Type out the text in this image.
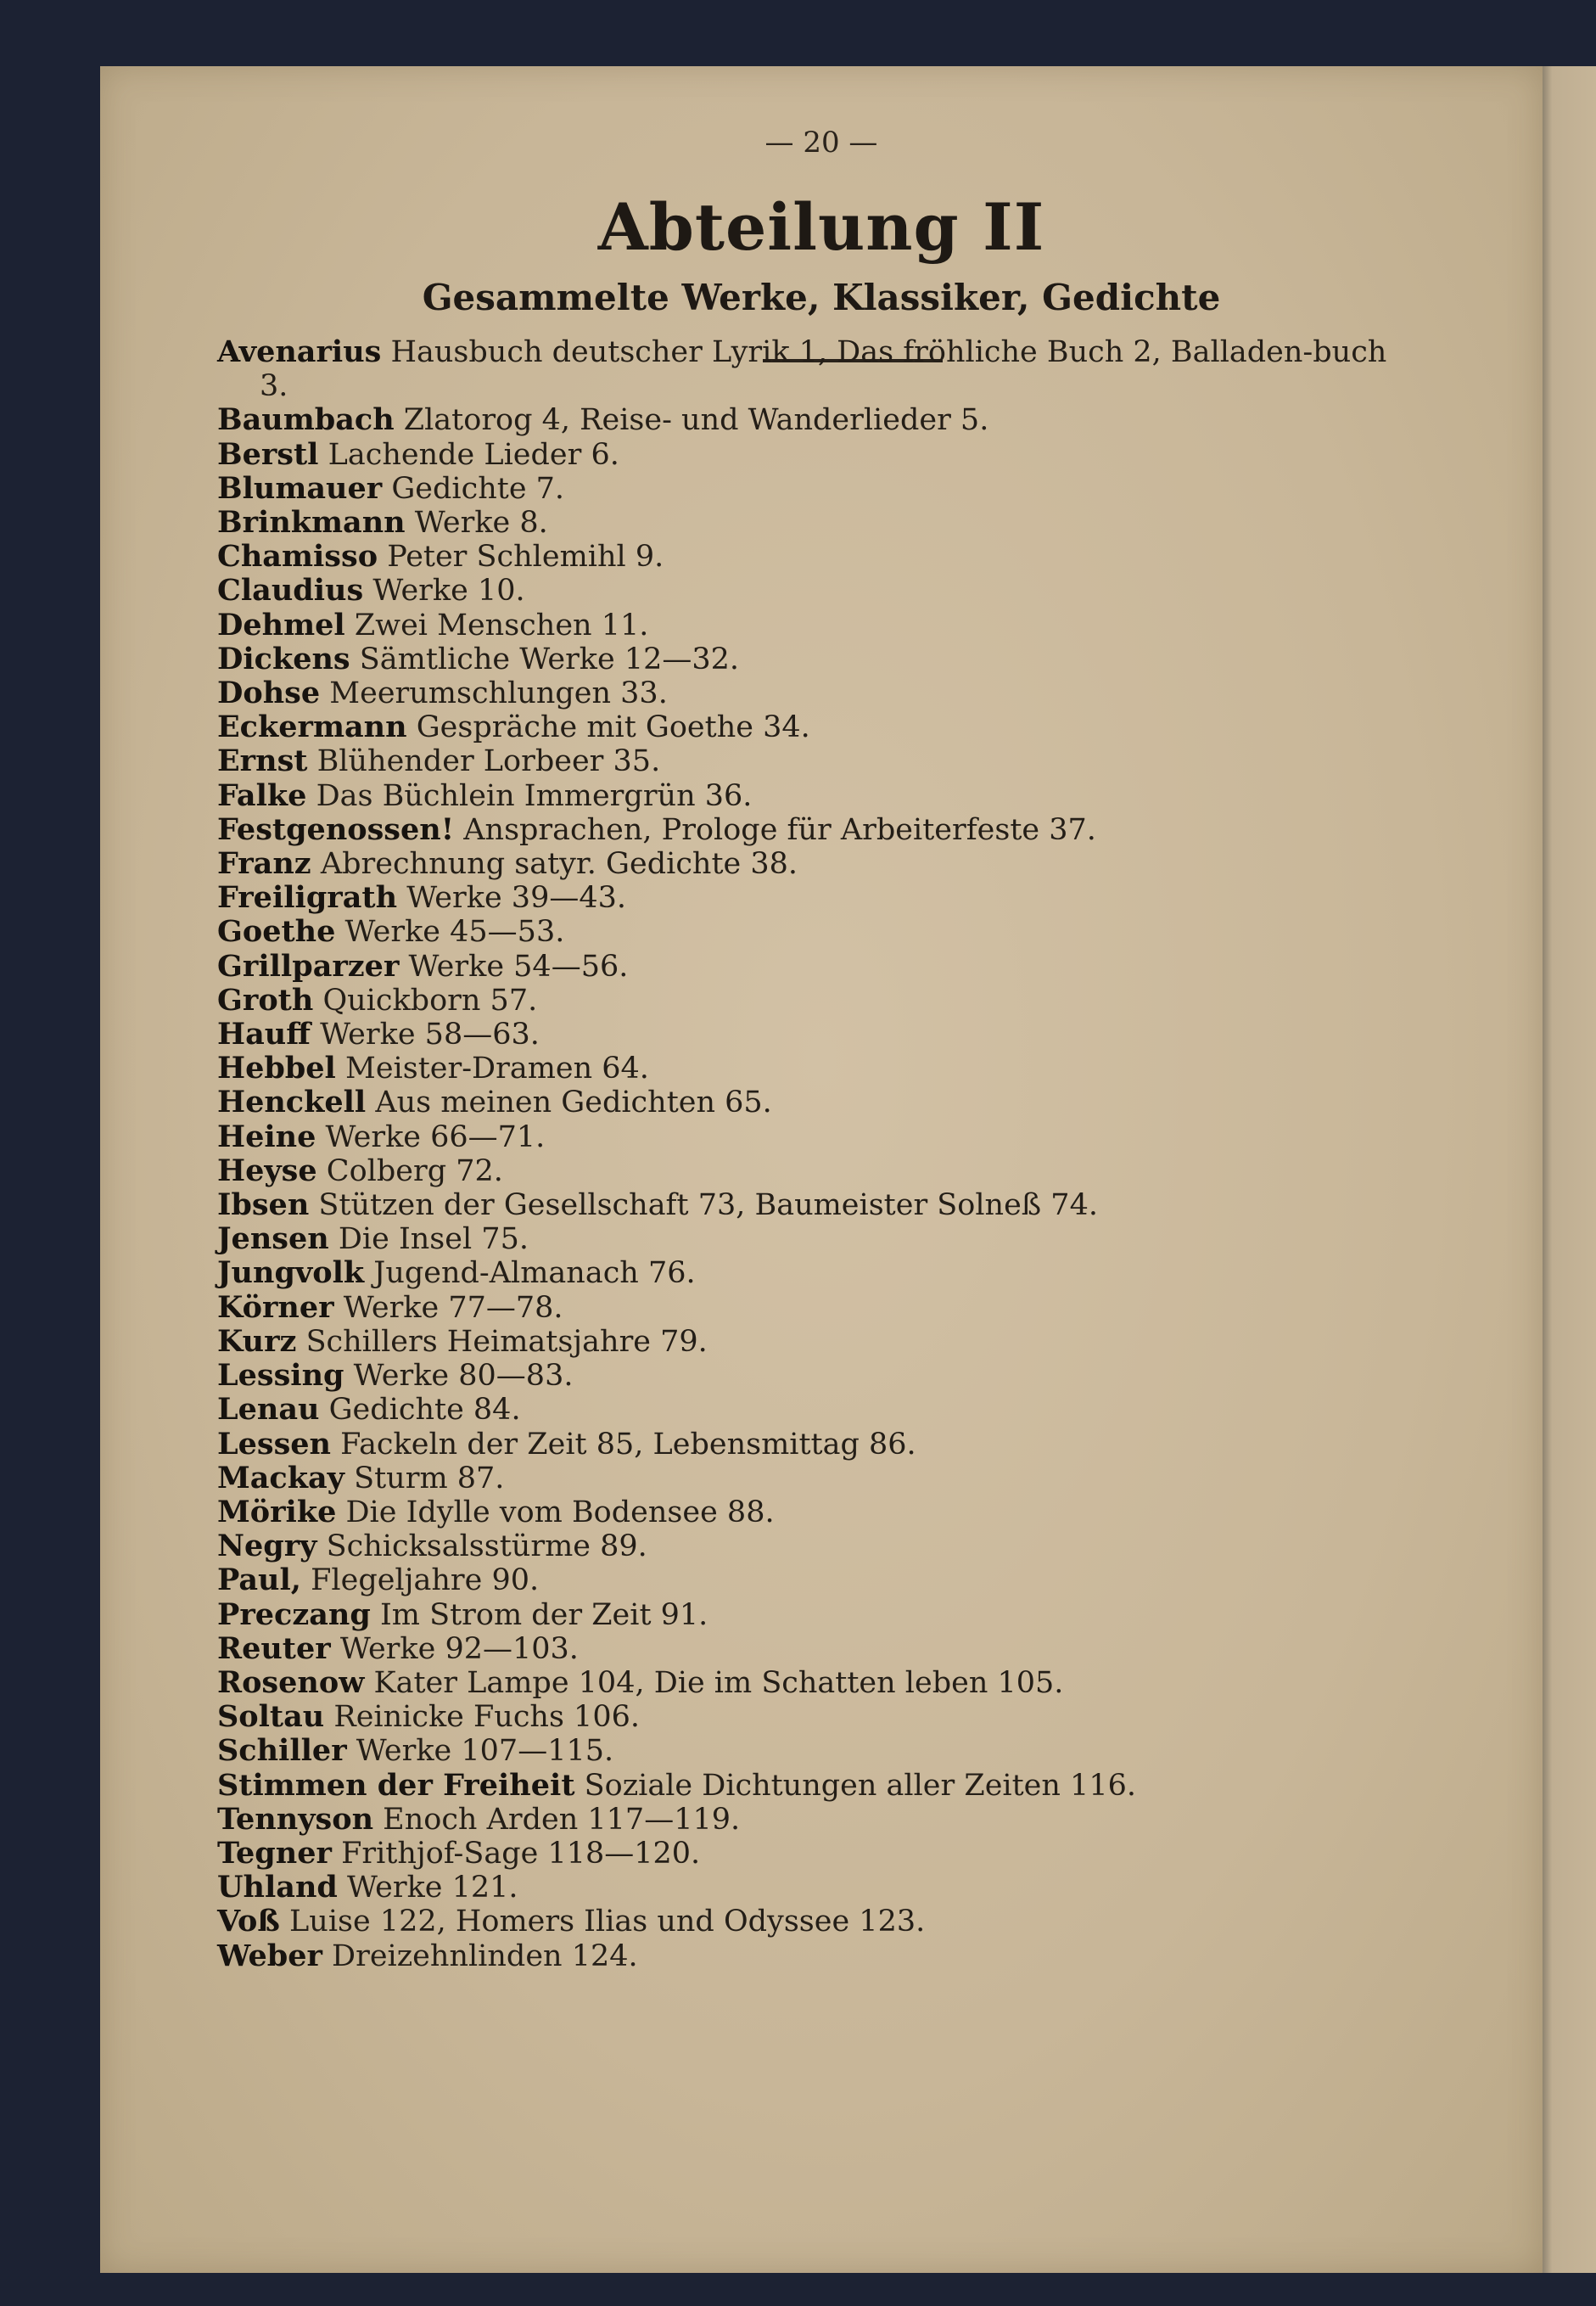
— 20 —
Abteilung II
Gesammelte Werke, Klassiker, Gedichte
Avenarius Hausbuch deutscher Lyrik 1, Das fröhliche Buch 2, Balladen-buch 3.
Baumbach Zlatorog 4, Reise- und Wanderlieder 5.
Berstl Lachende Lieder 6.
Blumauer Gedichte 7.
Brinkmann Werke 8.
Chamisso Peter Schlemihl 9.
Claudius Werke 10.
Dehmel Zwei Menschen 11.
Dickens Sämtliche Werke 12—32.
Dohse Meerumschlungen 33.
Eckermann Gespräche mit Goethe 34.
Ernst Blühender Lorbeer 35.
Falke Das Büchlein Immergrün 36.
Festgenossen! Ansprachen, Prologe für Arbeiterfeste 37.
Franz Abrechnung satyr. Gedichte 38.
Freiligrath Werke 39—43.
Goethe Werke 45—53.
Grillparzer Werke 54—56.
Groth Quickborn 57.
Hauff Werke 58—63.
Hebbel Meister-Dramen 64.
Henckell Aus meinen Gedichten 65.
Heine Werke 66—71.
Heyse Colberg 72.
Ibsen Stützen der Gesellschaft 73, Baumeister Solneß 74.
Jensen Die Insel 75.
Jungvolk Jugend-Almanach 76.
Körner Werke 77—78.
Kurz Schillers Heimatsjahre 79.
Lessing Werke 80—83.
Lenau Gedichte 84.
Lessen Fackeln der Zeit 85, Lebensmittag 86.
Mackay Sturm 87.
Mörike Die Idylle vom Bodensee 88.
Negry Schicksalsstürme 89.
Paul, Flegeljahre 90.
Preczang Im Strom der Zeit 91.
Reuter Werke 92—103.
Rosenow Kater Lampe 104, Die im Schatten leben 105.
Soltau Reinicke Fuchs 106.
Schiller Werke 107—115.
Stimmen der Freiheit Soziale Dichtungen aller Zeiten 116.
Tennyson Enoch Arden 117—119.
Tegner Frithjof-Sage 118—120.
Uhland Werke 121.
Voß Luise 122, Homers Ilias und Odyssee 123.
Weber Dreizehnlinden 124.
